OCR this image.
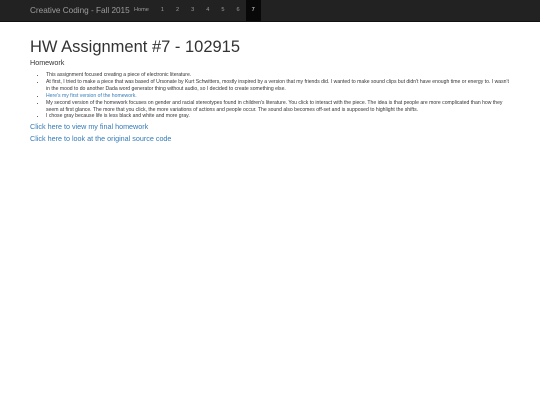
Creative Coding - Fall 2015 Home	1	2	3	4	5	6	7
HW Assignment #7 - 102915
Homework
• This assignment focused creating a piece of electronic literature.
• At first, I tried to make a piece that was based of Ursonate by Kurt Schwitters, mostly inspired by a version that my friends did. I wanted to make sound clips but didn't have enough time or energy to. I wasn't in the mood to do another Dada word generator thing without audio, so I decided to create something else.
• Here's my first version of the homework.
• My second version of the homework focuses on gender and racial stereotypes found in children's literature. You click to interact with the piece. The idea is that people are more complicated than how they seem at first glance. The more that you click, the more variations of actions and people occur. The sound also becomes off-set and is supposed to highlight the shifts.
• I chose gray because life is less black and white and more gray.

Click here to view my final homework

Click here to look at the original source code
